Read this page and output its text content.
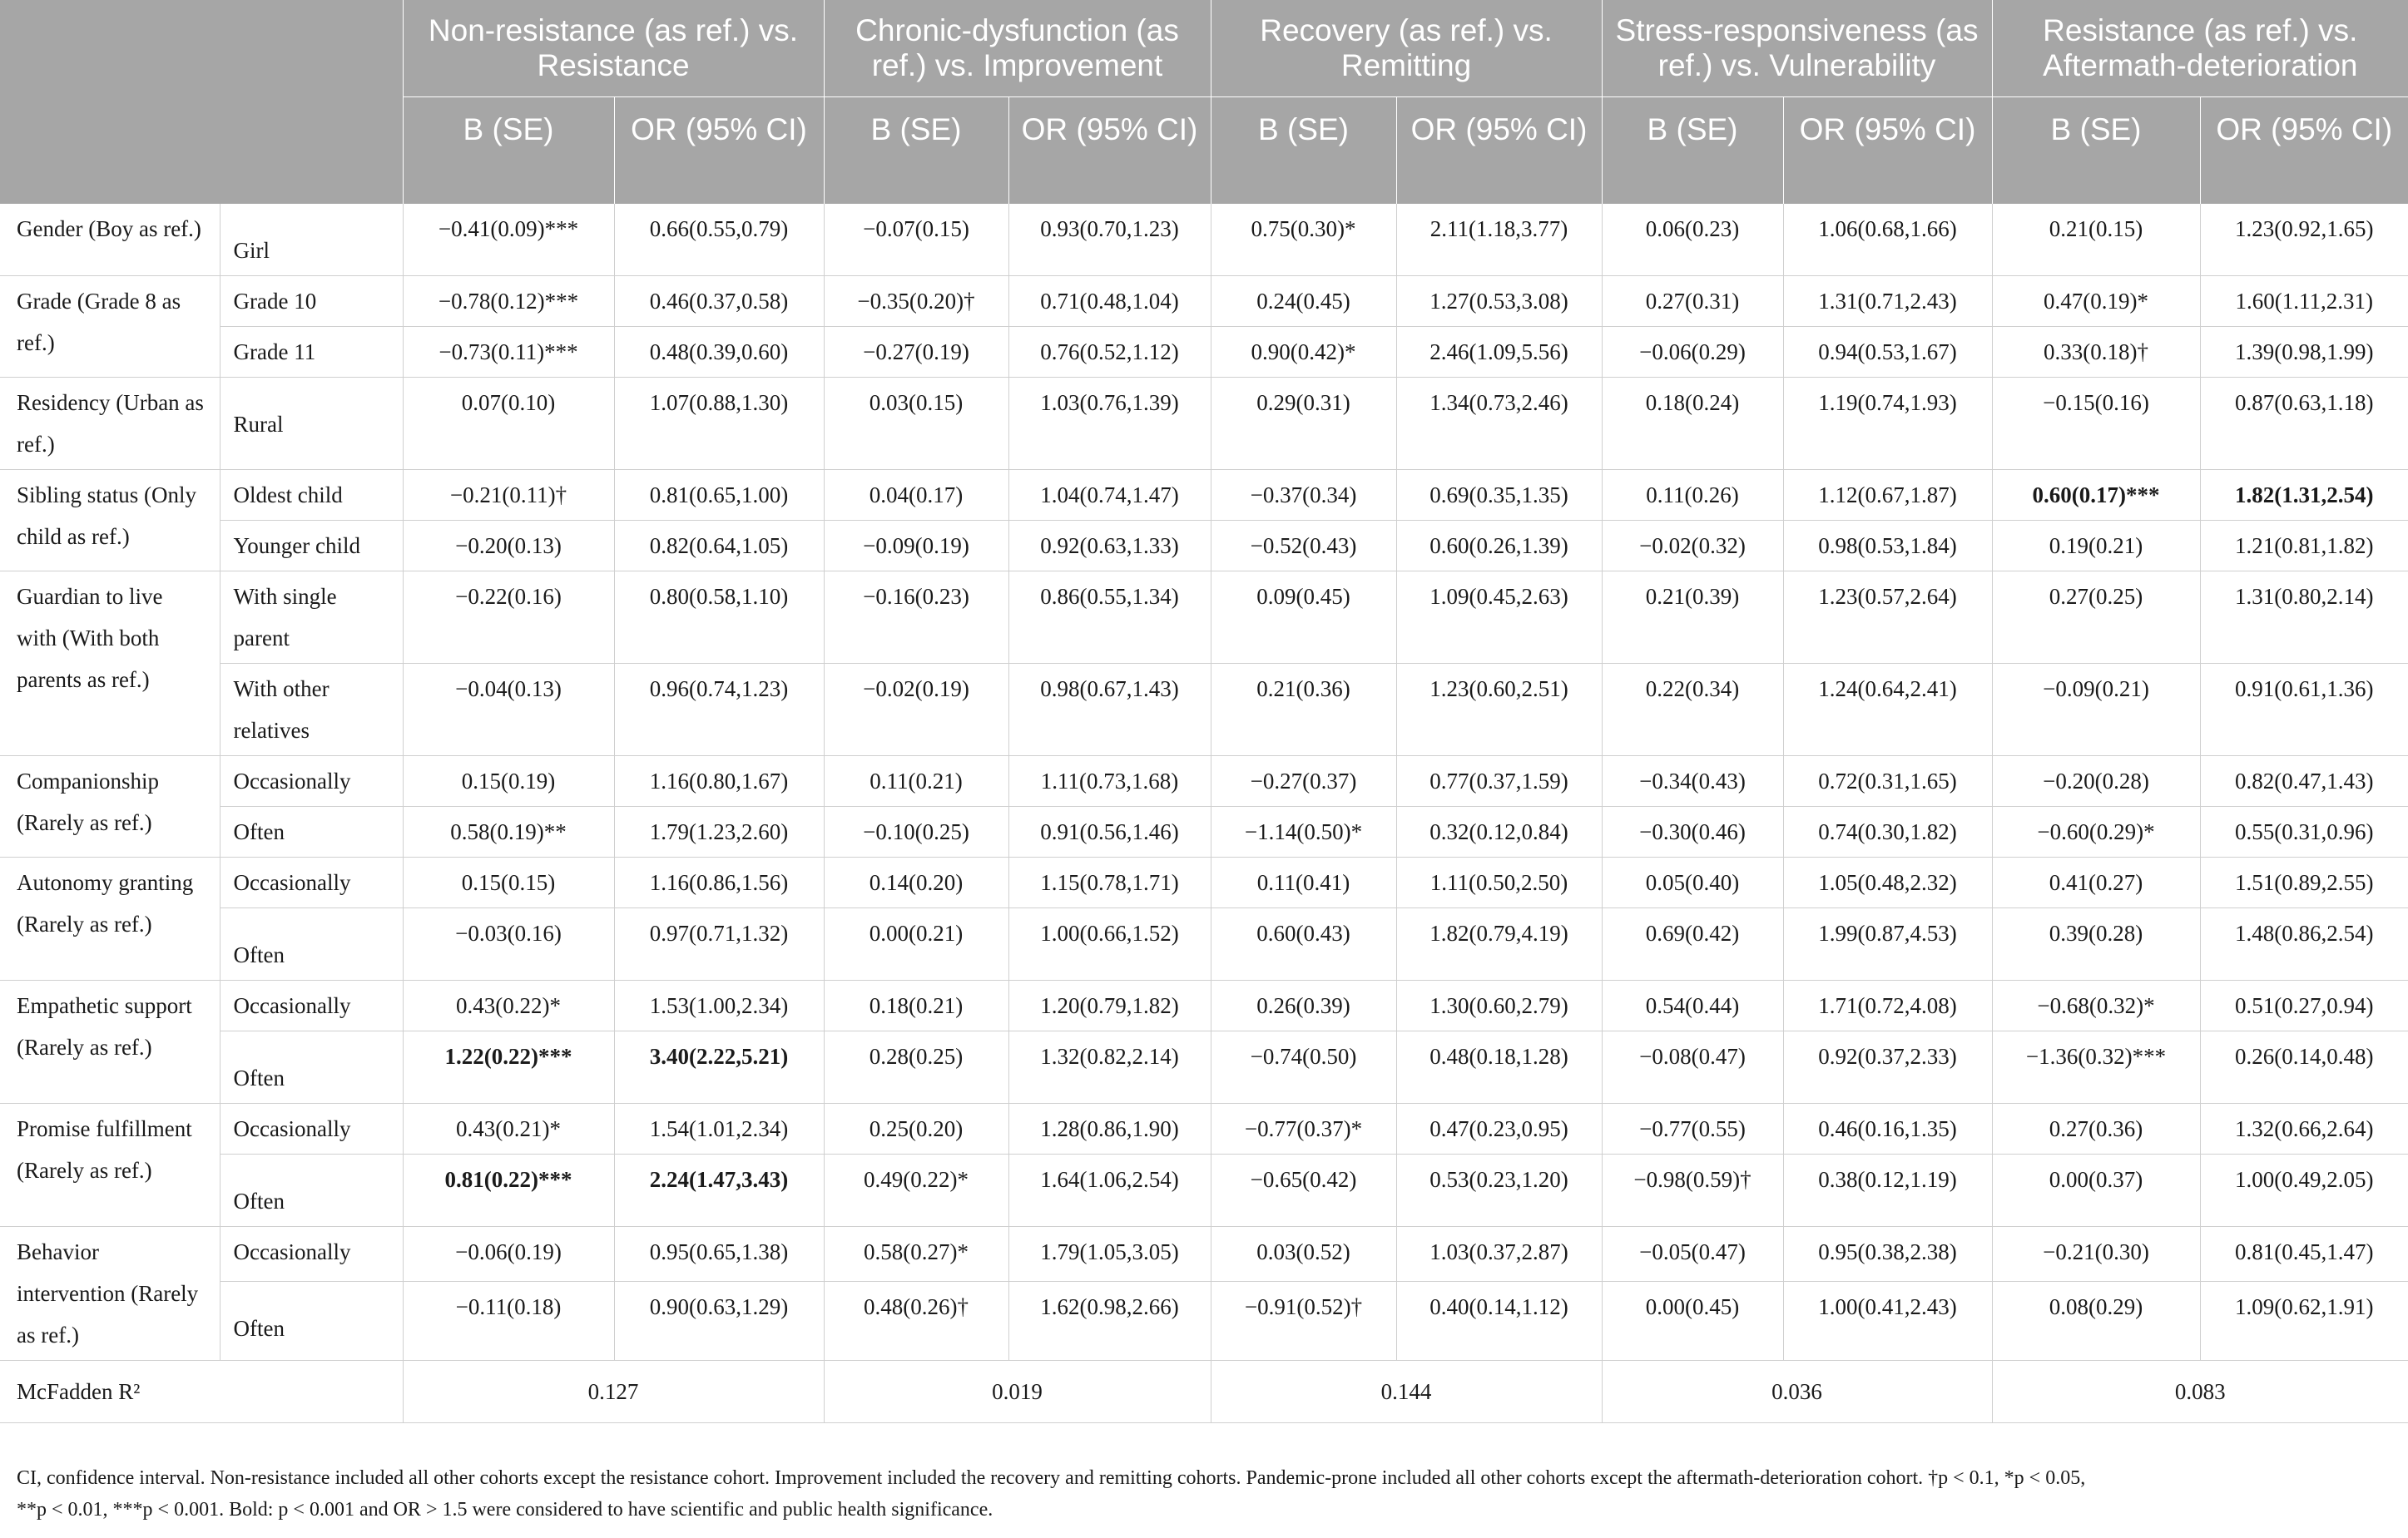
		Non-resistance (as ref.) vs. Resistance		Chronic-dysfunction (as ref.) vs. Improvement		Recovery (as ref.) vs. Remitting		Stress-responsiveness (as ref.) vs. Vulnerability		Resistance (as ref.) vs. Aftermath-deterioration	
		B (SE)	OR (95% CI)	B (SE)	OR (95% CI)	B (SE)	OR (95% CI)	B (SE)	OR (95% CI)	B (SE)	OR (95% CI)
Gender (Boy as ref.)	Girl	−0.41(0.09)***	0.66(0.55,0.79)	−0.07(0.15)	0.93(0.70,1.23)	0.75(0.30)*	2.11(1.18,3.77)	0.06(0.23)	1.06(0.68,1.66)	0.21(0.15)	1.23(0.92,1.65)
Grade (Grade 8 as ref.)	Grade 10	−0.78(0.12)***	0.46(0.37,0.58)	−0.35(0.20)†	0.71(0.48,1.04)	0.24(0.45)	1.27(0.53,3.08)	0.27(0.31)	1.31(0.71,2.43)	0.47(0.19)*	1.60(1.11,2.31)
	Grade 11	−0.73(0.11)***	0.48(0.39,0.60)	−0.27(0.19)	0.76(0.52,1.12)	0.90(0.42)*	2.46(1.09,5.56)	−0.06(0.29)	0.94(0.53,1.67)	0.33(0.18)†	1.39(0.98,1.99)
Residency (Urban as ref.)	Rural	0.07(0.10)	1.07(0.88,1.30)	0.03(0.15)	1.03(0.76,1.39)	0.29(0.31)	1.34(0.73,2.46)	0.18(0.24)	1.19(0.74,1.93)	−0.15(0.16)	0.87(0.63,1.18)
Sibling status (Only child as ref.)	Oldest child	−0.21(0.11)†	0.81(0.65,1.00)	0.04(0.17)	1.04(0.74,1.47)	−0.37(0.34)	0.69(0.35,1.35)	0.11(0.26)	1.12(0.67,1.87)	0.60(0.17)***	1.82(1.31,2.54)
	Younger child	−0.20(0.13)	0.82(0.64,1.05)	−0.09(0.19)	0.92(0.63,1.33)	−0.52(0.43)	0.60(0.26,1.39)	−0.02(0.32)	0.98(0.53,1.84)	0.19(0.21)	1.21(0.81,1.82)
Guardian to live with (With both parents as ref.)	With single parent	−0.22(0.16)	0.80(0.58,1.10)	−0.16(0.23)	0.86(0.55,1.34)	0.09(0.45)	1.09(0.45,2.63)	0.21(0.39)	1.23(0.57,2.64)	0.27(0.25)	1.31(0.80,2.14)
	With other relatives	−0.04(0.13)	0.96(0.74,1.23)	−0.02(0.19)	0.98(0.67,1.43)	0.21(0.36)	1.23(0.60,2.51)	0.22(0.34)	1.24(0.64,2.41)	−0.09(0.21)	0.91(0.61,1.36)
Companionship (Rarely as ref.)	Occasionally	0.15(0.19)	1.16(0.80,1.67)	0.11(0.21)	1.11(0.73,1.68)	−0.27(0.37)	0.77(0.37,1.59)	−0.34(0.43)	0.72(0.31,1.65)	−0.20(0.28)	0.82(0.47,1.43)
	Often	0.58(0.19)**	1.79(1.23,2.60)	−0.10(0.25)	0.91(0.56,1.46)	−1.14(0.50)*	0.32(0.12,0.84)	−0.30(0.46)	0.74(0.30,1.82)	−0.60(0.29)*	0.55(0.31,0.96)
Autonomy granting (Rarely as ref.)	Occasionally	0.15(0.15)	1.16(0.86,1.56)	0.14(0.20)	1.15(0.78,1.71)	0.11(0.41)	1.11(0.50,2.50)	0.05(0.40)	1.05(0.48,2.32)	0.41(0.27)	1.51(0.89,2.55)
	Often	−0.03(0.16)	0.97(0.71,1.32)	0.00(0.21)	1.00(0.66,1.52)	0.60(0.43)	1.82(0.79,4.19)	0.69(0.42)	1.99(0.87,4.53)	0.39(0.28)	1.48(0.86,2.54)
Empathetic support (Rarely as ref.)	Occasionally	0.43(0.22)*	1.53(1.00,2.34)	0.18(0.21)	1.20(0.79,1.82)	0.26(0.39)	1.30(0.60,2.79)	0.54(0.44)	1.71(0.72,4.08)	−0.68(0.32)*	0.51(0.27,0.94)
	Often	1.22(0.22)***	3.40(2.22,5.21)	0.28(0.25)	1.32(0.82,2.14)	−0.74(0.50)	0.48(0.18,1.28)	−0.08(0.47)	0.92(0.37,2.33)	−1.36(0.32)***	0.26(0.14,0.48)
Promise fulfillment (Rarely as ref.)	Occasionally	0.43(0.21)*	1.54(1.01,2.34)	0.25(0.20)	1.28(0.86,1.90)	−0.77(0.37)*	0.47(0.23,0.95)	−0.77(0.55)	0.46(0.16,1.35)	0.27(0.36)	1.32(0.66,2.64)
	Often	0.81(0.22)***	2.24(1.47,3.43)	0.49(0.22)*	1.64(1.06,2.54)	−0.65(0.42)	0.53(0.23,1.20)	−0.98(0.59)†	0.38(0.12,1.19)	0.00(0.37)	1.00(0.49,2.05)
Behavior intervention (Rarely as ref.)	Occasionally	−0.06(0.19)	0.95(0.65,1.38)	0.58(0.27)*	1.79(1.05,3.05)	0.03(0.52)	1.03(0.37,2.87)	−0.05(0.47)	0.95(0.38,2.38)	−0.21(0.30)	0.81(0.45,1.47)
	Often	−0.11(0.18)	0.90(0.63,1.29)	0.48(0.26)†	1.62(0.98,2.66)	−0.91(0.52)†	0.40(0.14,1.12)	0.00(0.45)	1.00(0.41,2.43)	0.08(0.29)	1.09(0.62,1.91)
McFadden R²		0.127		0.019		0.144		0.036		0.083	
CI, confidence interval. Non-resistance included all other cohorts except the resistance cohort. Improvement included the recovery and remitting cohorts. Pandemic-prone included all other cohorts except the aftermath-deterioration cohort. †p < 0.1, *p < 0.05,
**p < 0.01, ***p < 0.001. Bold: p < 0.001 and OR > 1.5 were considered to have scientific and public health significance.
